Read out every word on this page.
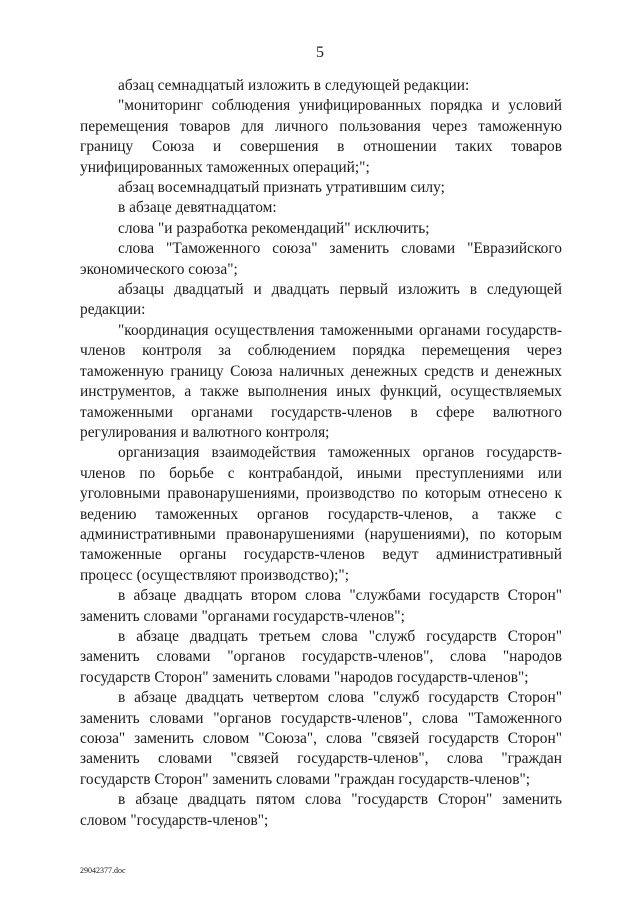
5

абзац семнадцатый изложить в следующей редакции:

"мониторинг соблюдения унифицированных порядка и условий перемещения товаров для личного пользования через таможенную границу Союза и совершения в отношении таких товаров унифицированных таможенных операций;";

абзац восемнадцатый признать утратившим силу;

в абзаце девятнадцатом:

слова "и разработка рекомендаций" исключить;

слова "Таможенного союза" заменить словами "Евразийского экономического союза";

абзацы двадцатый и двадцать первый изложить в следующей редакции:

"координация осуществления таможенными органами государств-членов контроля за соблюдением порядка перемещения через таможенную границу Союза наличных денежных средств и денежных инструментов, а также выполнения иных функций, осуществляемых таможенными органами государств-членов в сфере валютного регулирования и валютного контроля;

организация взаимодействия таможенных органов государств-членов по борьбе с контрабандой, иными преступлениями или уголовными правонарушениями, производство по которым отнесено к ведению таможенных органов государств-членов, а также с административными правонарушениями (нарушениями), по которым таможенные органы государств-членов ведут административный процесс (осуществляют производство);";

в абзаце двадцать втором слова "службами государств Сторон" заменить словами "органами государств-членов";

в абзаце двадцать третьем слова "служб государств Сторон" заменить словами "органов государств-членов", слова "народов государств Сторон" заменить словами "народов государств-членов";

в абзаце двадцать четвертом слова "служб государств Сторон" заменить словами "органов государств-членов", слова "Таможенного союза" заменить словом "Союза", слова "связей государств Сторон" заменить словами "связей государств-членов", слова "граждан государств Сторон" заменить словами "граждан государств-членов";

в абзаце двадцать пятом слова "государств Сторон" заменить словом "государств-членов";

29042377.doc
